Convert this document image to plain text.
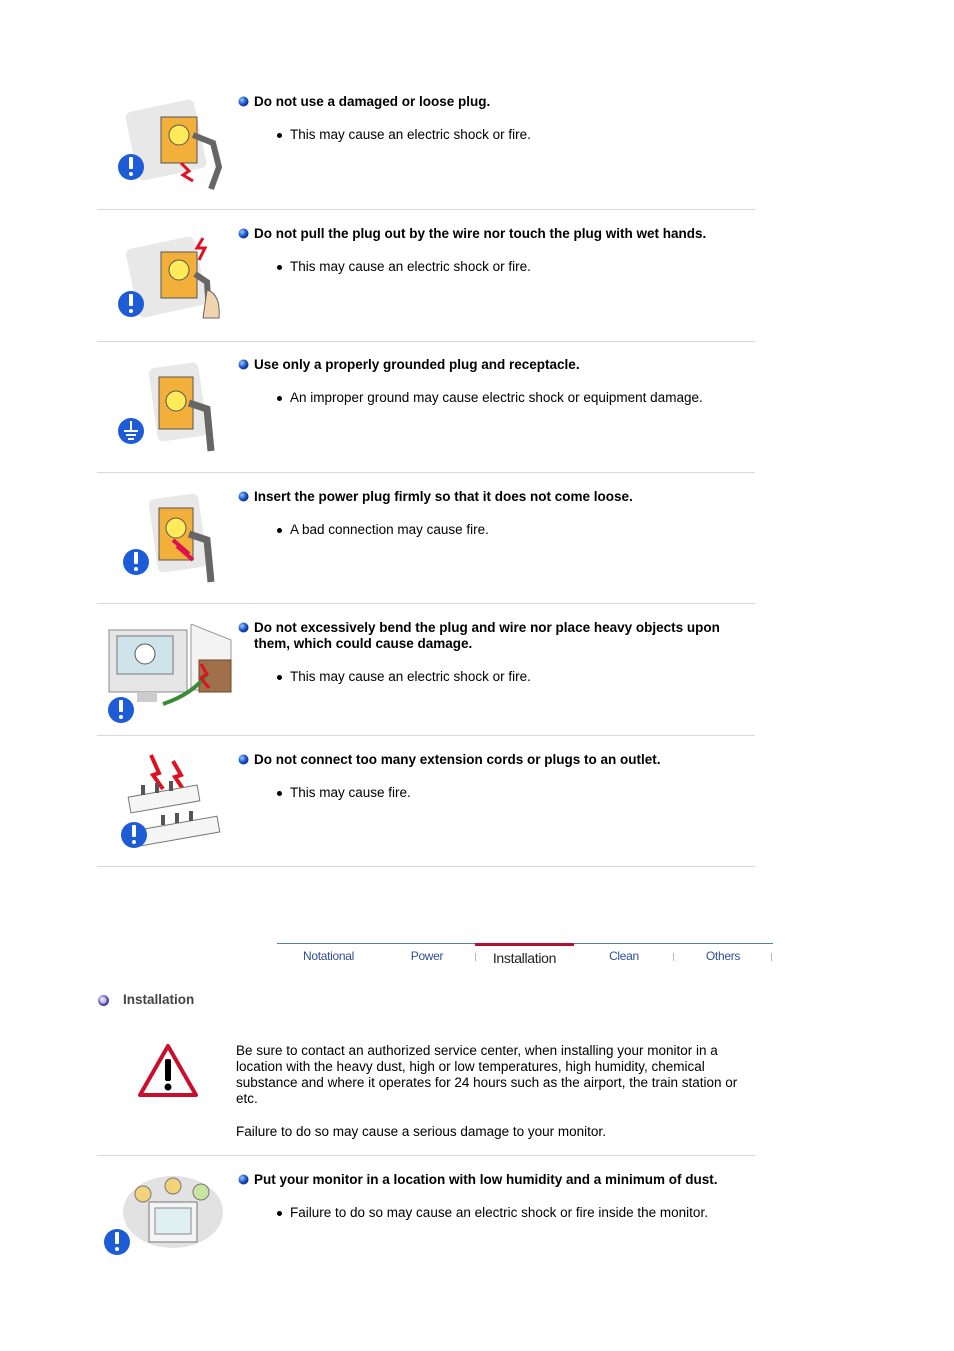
Do not use a damaged or loose plug.
This may cause an electric shock or fire.
Do not pull the plug out by the wire nor touch the plug with wet hands.
This may cause an electric shock or fire.
Use only a properly grounded plug and receptacle.
An improper ground may cause electric shock or equipment damage.
Insert the power plug firmly so that it does not come loose.
A bad connection may cause fire.
Do not excessively bend the plug and wire nor place heavy objects upon them, which could cause damage.
This may cause an electric shock or fire.
Do not connect too many extension cords or plugs to an outlet.
This may cause fire.
Notational	Power	Installation	Clean	Others
Installation
Be sure to contact an authorized service center, when installing your monitor in a location with the heavy dust, high or low temperatures, high humidity, chemical substance and where it operates for 24 hours such as the airport, the train station or etc.
Failure to do so may cause a serious damage to your monitor.
Put your monitor in a location with low humidity and a minimum of dust.
Failure to do so may cause an electric shock or fire inside the monitor.
